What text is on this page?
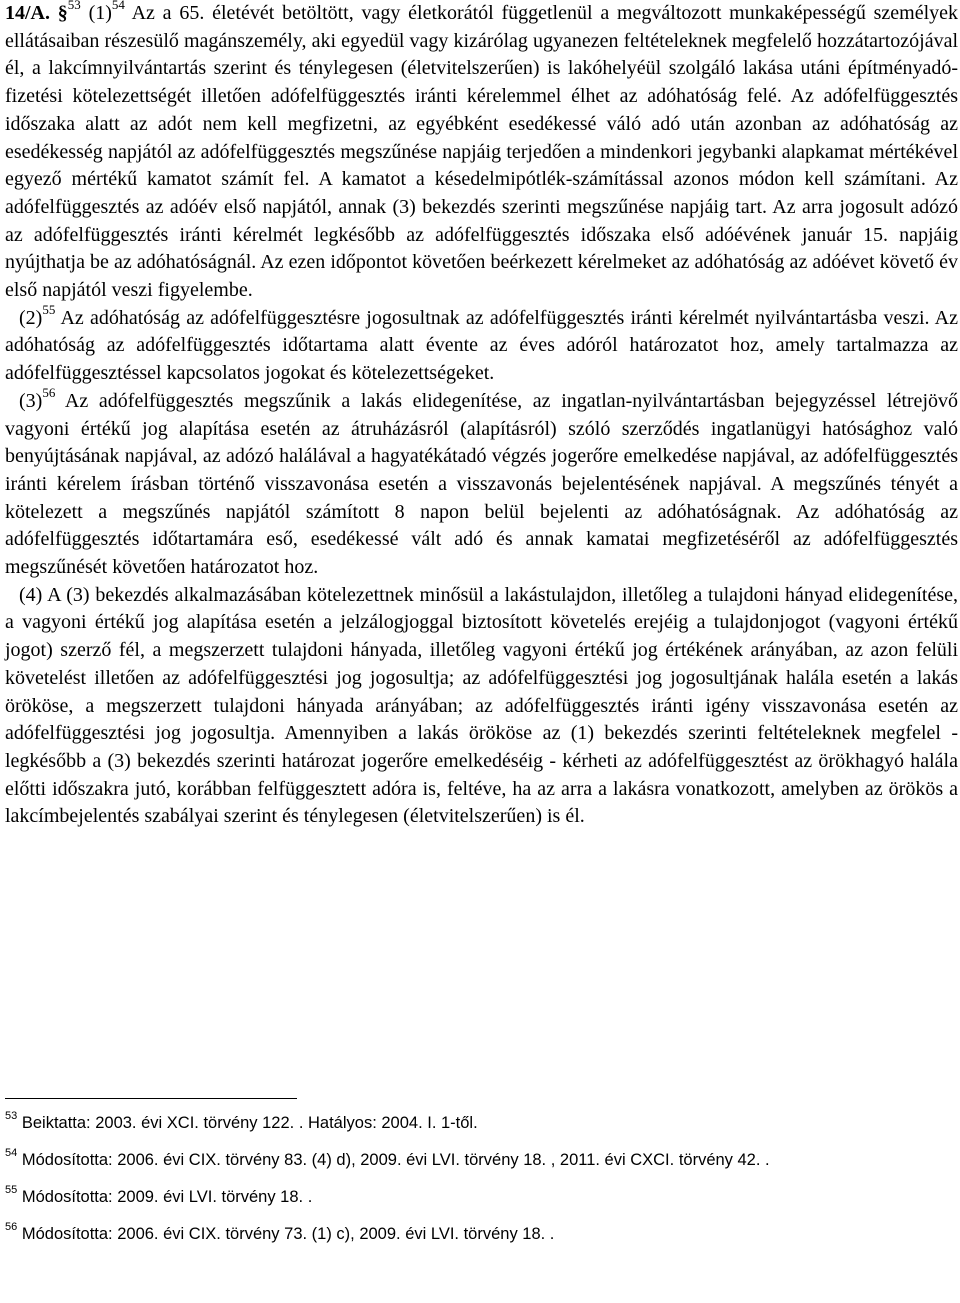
14/A. §$^{53}$ $(1)^{54}$ Az a 65. életévét betöltött, vagy életkorától függetlenül a megváltozott munkaképességű személyek ellátásaiban részesülő magánszemély, aki egyedül vagy kizárólag ugyanezen feltételeknek megfelelő hozzátartozójával él, a lakcímnyilvántartás szerint és ténylegesen (életvitelszerűen) is lakóhelyéül szolgáló lakása utáni építményadó-fizetési kötelezettségét illetően adófelfüggesztés iránti kérelemmel élhet az adóhatóság felé. Az adófelfüggesztés időszaka alatt az adót nem kell megfizetni, az egyébként esedékessé váló adó után azonban az adóhatóság az esedékesség napjától az adófelfüggesztés megszűnése napjáig terjedően a mindenkori jegybanki alapkamat mértékével egyező mértékű kamatot számít fel. A kamatot a késedelmipótlék-számítással azonos módon kell számítani. Az adófelfüggesztés az adóév első napjától, annak (3) bekezdés szerinti megszűnése napjáig tart. Az arra jogosult adózó az adófelfüggesztés iránti kérelmét legkésőbb az adófelfüggesztés időszaka első adóévének január 15. napjáig nyújthatja be az adóhatóságnál. Az ezen időpontot követően beérkezett kérelmeket az adóhatóság az adóévet követő év első napjától veszi figyelembe.

$(2)^{55}$ Az adóhatóság az adófelfüggesztésre jogosultnak az adófelfüggesztés iránti kérelmét nyilvántartásba veszi. Az adóhatóság az adófelfüggesztés időtartama alatt évente az éves adóról határozatot hoz, amely tartalmazza az adófelfüggesztéssel kapcsolatos jogokat és kötelezettségeket.

$(3)^{56}$ Az adófelfüggesztés megszűnik a lakás elidegenítése, az ingatlan-nyilvántartásban bejegyzéssel létrejövő vagyoni értékű jog alapítása esetén az átruházásról (alapításról) szóló szerződés ingatlanügyi hatósághoz való benyújtásának napjával, az adózó halálával a hagyatékátadó végzés jogerőre emelkedése napjával, az adófelfüggesztés iránti kérelem írásban történő visszavonása esetén a visszavonás bejelentésének napjával. A megszűnés tényét a kötelezett a megszűnés napjától számított 8 napon belül bejelenti az adóhatóságnak. Az adóhatóság az adófelfüggesztés időtartamára eső, esedékessé vált adó és annak kamatai megfizetéséről az adófelfüggesztés megszűnését követően határozatot hoz.

(4) A (3) bekezdés alkalmazásában kötelezettnek minősül a lakástulajdon, illetőleg a tulajdoni hányad elidegenítése, a vagyoni értékű jog alapítása esetén a jelzálogjoggal biztosított követelés erejéig a tulajdonjogot (vagyoni értékű jogot) szerző fél, a megszerzett tulajdoni hányada, illetőleg vagyoni értékű jog értékének arányában, az azon felüli követelést illetően az adófelfüggesztési jog jogosultja; az adófelfüggesztési jog jogosultjának halála esetén a lakás örököse, a megszerzett tulajdoni hányada arányában; az adófelfüggesztés iránti igény visszavonása esetén az adófelfüggesztési jog jogosultja. Amennyiben a lakás örököse az (1) bekezdés szerinti feltételeknek megfelel - legkésőbb a (3) bekezdés szerinti határozat jogerőre emelkedéséig - kérheti az adófelfüggesztést az örökhagyó halála előtti időszakra jutó, korábban felfüggesztett adóra is, feltéve, ha az arra a lakásra vonatkozott, amelyben az örökös a lakcímbejelentés szabályai szerint és ténylegesen (életvitelszerűen) is él.

$^{53}$ Beiktatta: 2003. évi XCI. törvény 122. . Hatályos: 2004. I. 1-től.

$^{54}$ Módosította: 2006. évi CIX. törvény 83. (4) d), 2009. évi LVI. törvény 18. , 2011. évi CXCI. törvény 42. .

$^{55}$ Módosította: 2009. évi LVI. törvény 18. .

$^{56}$ Módosította: 2006. évi CIX. törvény 73. (1) c), 2009. évi LVI. törvény 18. .
